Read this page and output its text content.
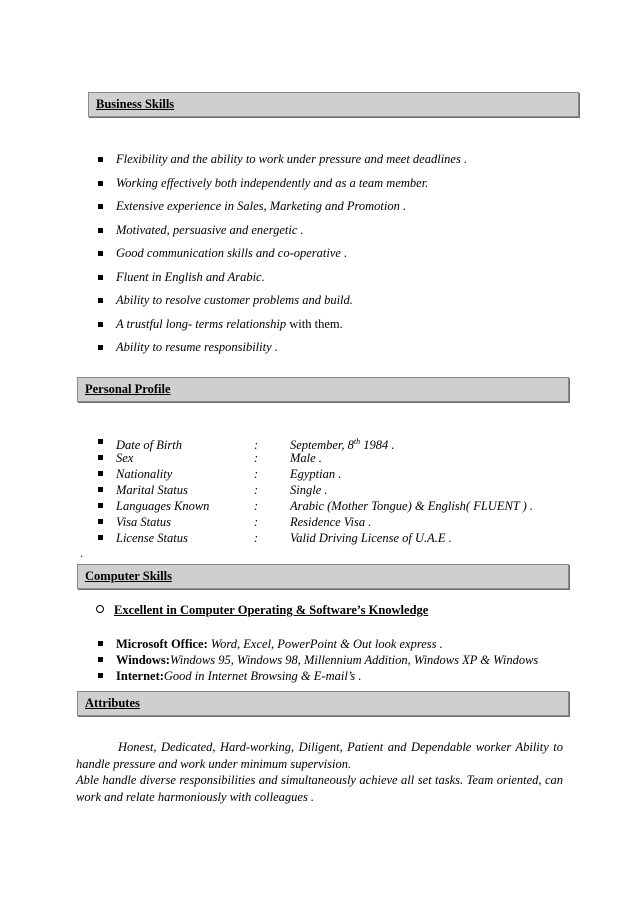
Business Skills
Flexibility and the ability to work under pressure and meet deadlines .
Working effectively both independently and as a team member.
Extensive experience in Sales, Marketing and Promotion .
Motivated, persuasive and energetic .
Good communication skills and co-operative .
Fluent in English and Arabic.
Ability to resolve customer problems and build.
A trustful long- terms relationship with them.
Ability to resume responsibility .
Personal Profile
Date of Birth	:	September, 8th 1984 .
Sex	:	Male .
Nationality	:	Egyptian .
Marital Status	:	Single .
Languages Known	:	Arabic (Mother Tongue) & English( FLUENT ) .
Visa Status	:	Residence Visa .
License Status	:	Valid Driving License of U.A.E .
.
Computer Skills
Excellent in Computer Operating & Software’s Knowledge
Microsoft Office: Word, Excel, PowerPoint & Out look express .
Windows:Windows 95, Windows 98, Millennium Addition, Windows XP & Windows
Internet:Good in Internet Browsing & E-mail’s .
Attributes

Honest, Dedicated, Hard-working, Diligent, Patient and Dependable worker Ability to handle pressure and work under minimum supervision.

Able handle diverse responsibilities and simultaneously achieve all set tasks. Team oriented, can work and relate harmoniously with colleagues .
